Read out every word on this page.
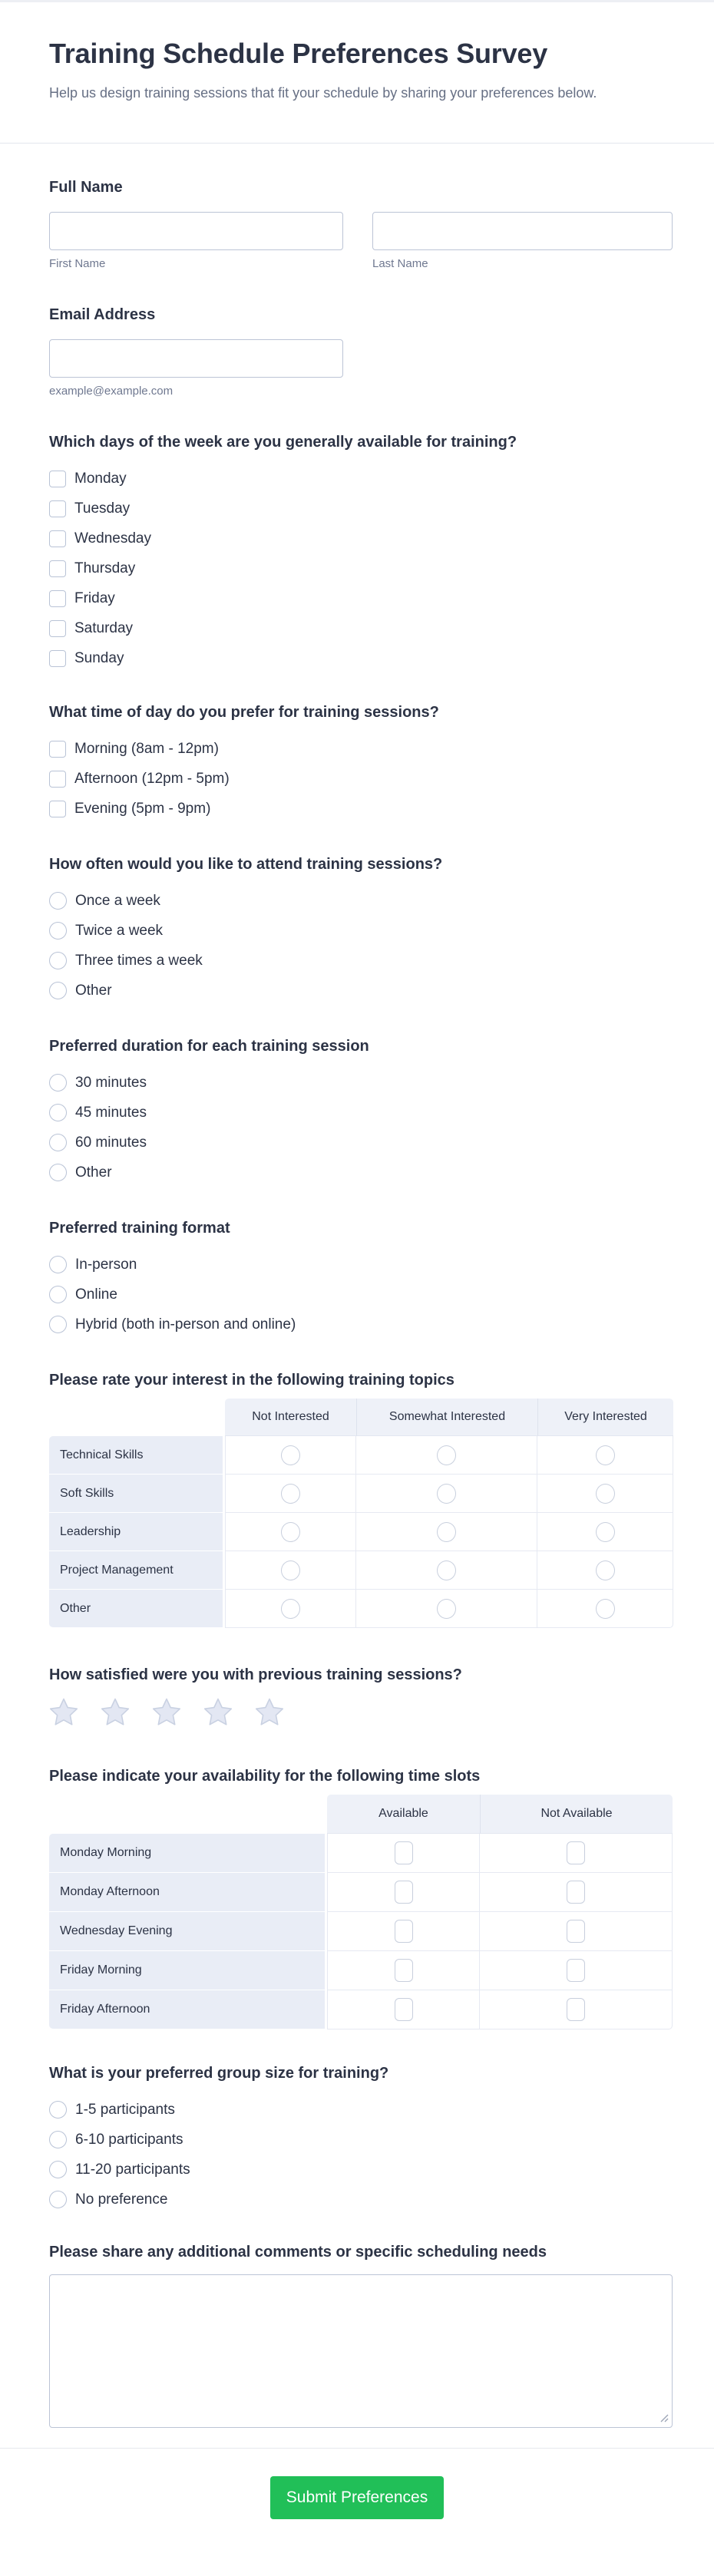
Training Schedule Preferences Survey
Help us design training sessions that fit your schedule by sharing your preferences below.
Full Name
First Name	Last Name
Email Address
example@example.com
Which days of the week are you generally available for training?
Monday
Tuesday
Wednesday
Thursday
Friday
Saturday
Sunday
What time of day do you prefer for training sessions?
Morning (8am - 12pm)
Afternoon (12pm - 5pm)
Evening (5pm - 9pm)
How often would you like to attend training sessions?
Once a week
Twice a week
Three times a week
Other
Preferred duration for each training session
30 minutes
45 minutes
60 minutes
Other
Preferred training format
In-person
Online
Hybrid (both in-person and online)
Please rate your interest in the following training topics
Not Interested	Somewhat Interested	Very Interested
Technical Skills
Soft Skills
Leadership
Project Management
Other
How satisfied were you with previous training sessions?
Please indicate your availability for the following time slots
Available	Not Available
Monday Morning
Monday Afternoon
Wednesday Evening
Friday Morning
Friday Afternoon
What is your preferred group size for training?
1-5 participants
6-10 participants
11-20 participants
No preference
Please share any additional comments or specific scheduling needs
Submit Preferences
